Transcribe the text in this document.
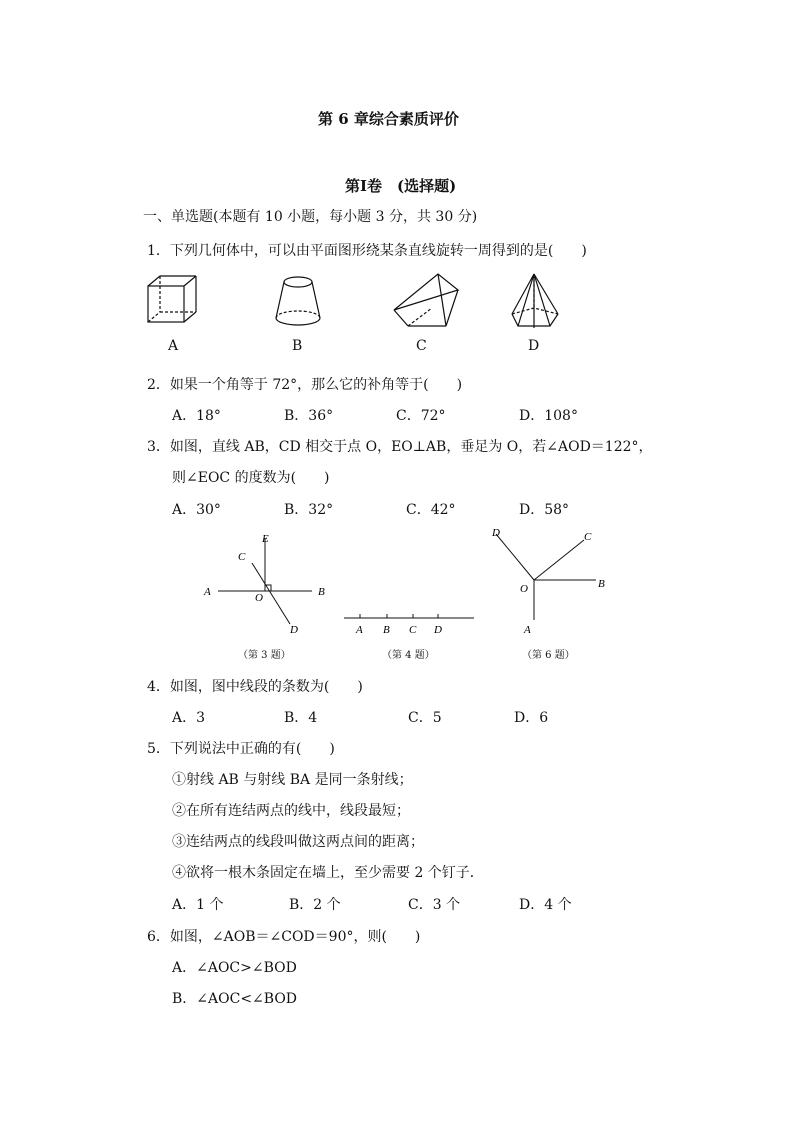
第 6 章综合素质评价
第Ⅰ卷　(选择题)
一、单选题(本题有 10 小题，每小题 3 分，共 30 分)
1．下列几何体中，可以由平面图形绕某条直线旋转一周得到的是(　　)
A	B	C	D
2．如果一个角等于 72°，那么它的补角等于(　　)
A．18°	B．36°	C．72°	D．108°
3．如图，直线 AB，CD 相交于点 O，EO⊥AB，垂足为 O，若∠AOD＝122°，
则∠EOC 的度数为(　　)
A．30°	B．32°	C．42°	D．58°
A	B
C
D
E
O
（第 3 题）
A B C D
（第 4 题）
D	C
B
O
A
（第 6 题）
4．如图，图中线段的条数为(　　)
A．3	B．4	C．5	D．6
5．下列说法中正确的有(　　)
①射线 AB 与射线 BA 是同一条射线；
②在所有连结两点的线中，线段最短；
③连结两点的线段叫做这两点间的距离；
④欲将一根木条固定在墙上，至少需要 2 个钉子．
A．1 个	B．2 个	C．3 个	D．4 个
6．如图，∠AOB＝∠COD＝90°，则(　　)
A．∠AOC>∠BOD
B．∠AOC<∠BOD
